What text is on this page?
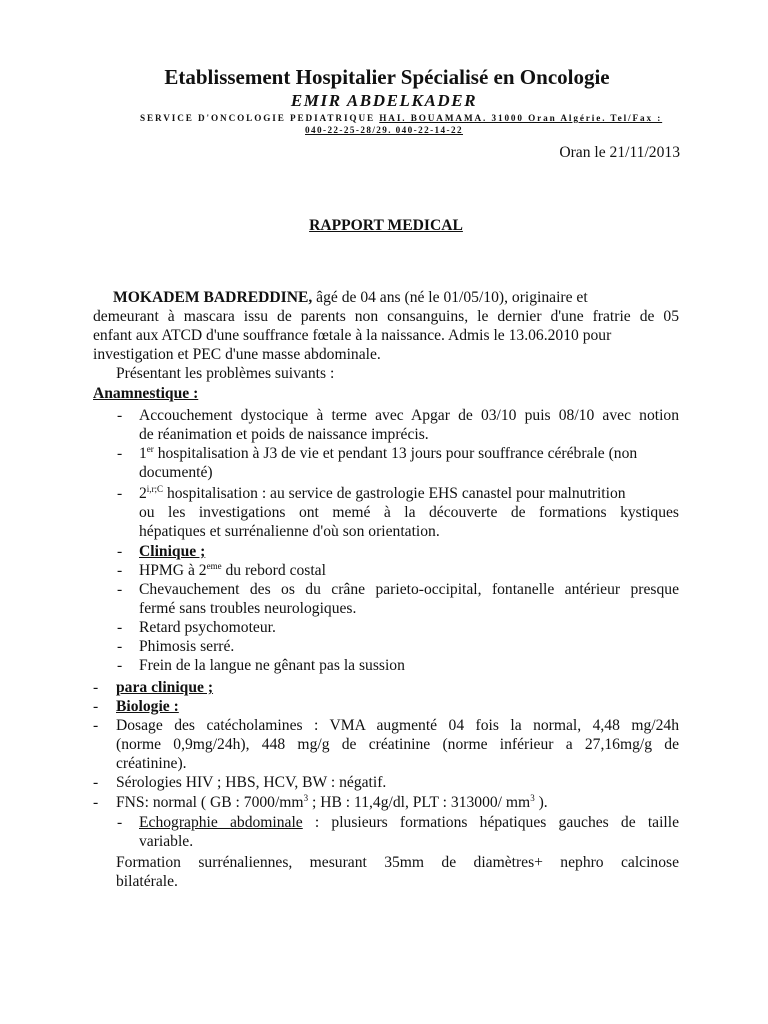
Etablissement Hospitalier Spécialisé en Oncologie
EMIR ABDELKADER
SERVICE D'ONCOLOGIE PEDIATRIQUE HAI. BOUAMAMA. 31000 Oran Algérie. Tel/Fax :
040-22-25-28/29. 040-22-14-22
Oran le 21/11/2013
RAPPORT MEDICAL
MOKADEM BADREDDINE, âgé de 04 ans (né le 01/05/10), originaire et
demeurant à mascara issu de parents non consanguins, le dernier d'une fratrie de 05
enfant aux ATCD d'une souffrance fœtale à la naissance. Admis le 13.06.2010 pour
investigation et PEC d'une masse abdominale.
Présentant les problèmes suivants :
Anamnestique :
- Accouchement dystocique à terme avec Apgar de 03/10 puis 08/10 avec notion
de réanimation et poids de naissance imprécis.
- 1er hospitalisation à J3 de vie et pendant 13 jours pour souffrance cérébrale (non
documenté)
- $2^{i,r;C}$ hospitalisation : au service de gastrologie EHS canastel pour malnutrition
ou les investigations ont memé à la découverte de formations kystiques
hépatiques et surrénalienne d'où son orientation.
- Clinique ;
- HPMG à 2eme du rebord costal
- Chevauchement des os du crâne parieto-occipital, fontanelle antérieur presque
fermé sans troubles neurologiques.
- Retard psychomoteur.
- Phimosis serré.
- Frein de la langue ne gênant pas la sussion
- para clinique ;
- Biologie :
- Dosage des catécholamines : VMA augmenté 04 fois la normal, 4,48 mg/24h
(norme 0,9mg/24h), 448 mg/g de créatinine (norme inférieur a 27,16mg/g de
créatinine).
- Sérologies HIV ; HBS, HCV, BW : négatif.
- FNS: normal ( GB : $7000/mm^3$ ; HB : 11,4g/dl, PLT : 313000/ $mm^3$ ).
- Echographie abdominale : plusieurs formations hépatiques gauches de taille
variable.
Formation surrénaliennes, mesurant 35mm de diamètres+ nephro calcinose
bilatérale.
